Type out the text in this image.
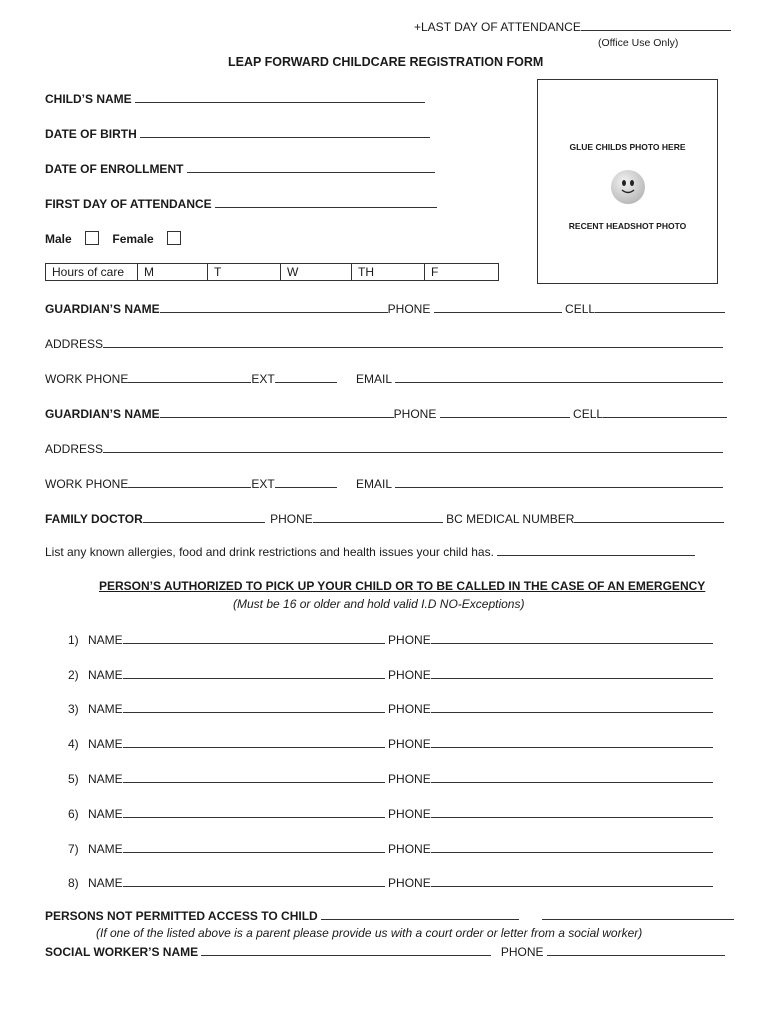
+LAST DAY OF ATTENDANCE
(Office Use Only)
LEAP FORWARD CHILDCARE REGISTRATION FORM
CHILD’S NAME
DATE OF BIRTH
DATE OF ENROLLMENT
FIRST DAY OF ATTENDANCE
Male	Female
Hours of care	M	T	W	TH	F
GLUE CHILDS PHOTO HERE
RECENT HEADSHOT PHOTO
GUARDIAN’S NAME	PHONE	CELL
ADDRESS
WORK PHONE	EXT	EMAIL
GUARDIAN’S NAME	PHONE	CELL
ADDRESS
WORK PHONE	EXT	EMAIL
FAMILY DOCTOR	PHONE	BC MEDICAL NUMBER
List any known allergies, food and drink restrictions and health issues your child has.
PERSON’S AUTHORIZED TO PICK UP YOUR CHILD OR TO BE CALLED IN THE CASE OF AN EMERGENCY
(Must be 16 or older and hold valid I.D NO-Exceptions)
1) NAME	PHONE
2) NAME	PHONE
3) NAME	PHONE
4) NAME	PHONE
5) NAME	PHONE
6) NAME	PHONE
7) NAME	PHONE
8) NAME	PHONE
PERSONS NOT PERMITTED ACCESS TO CHILD
(If one of the listed above is a parent please provide us with a court order or letter from a social worker)
SOCIAL WORKER’S NAME	PHONE
